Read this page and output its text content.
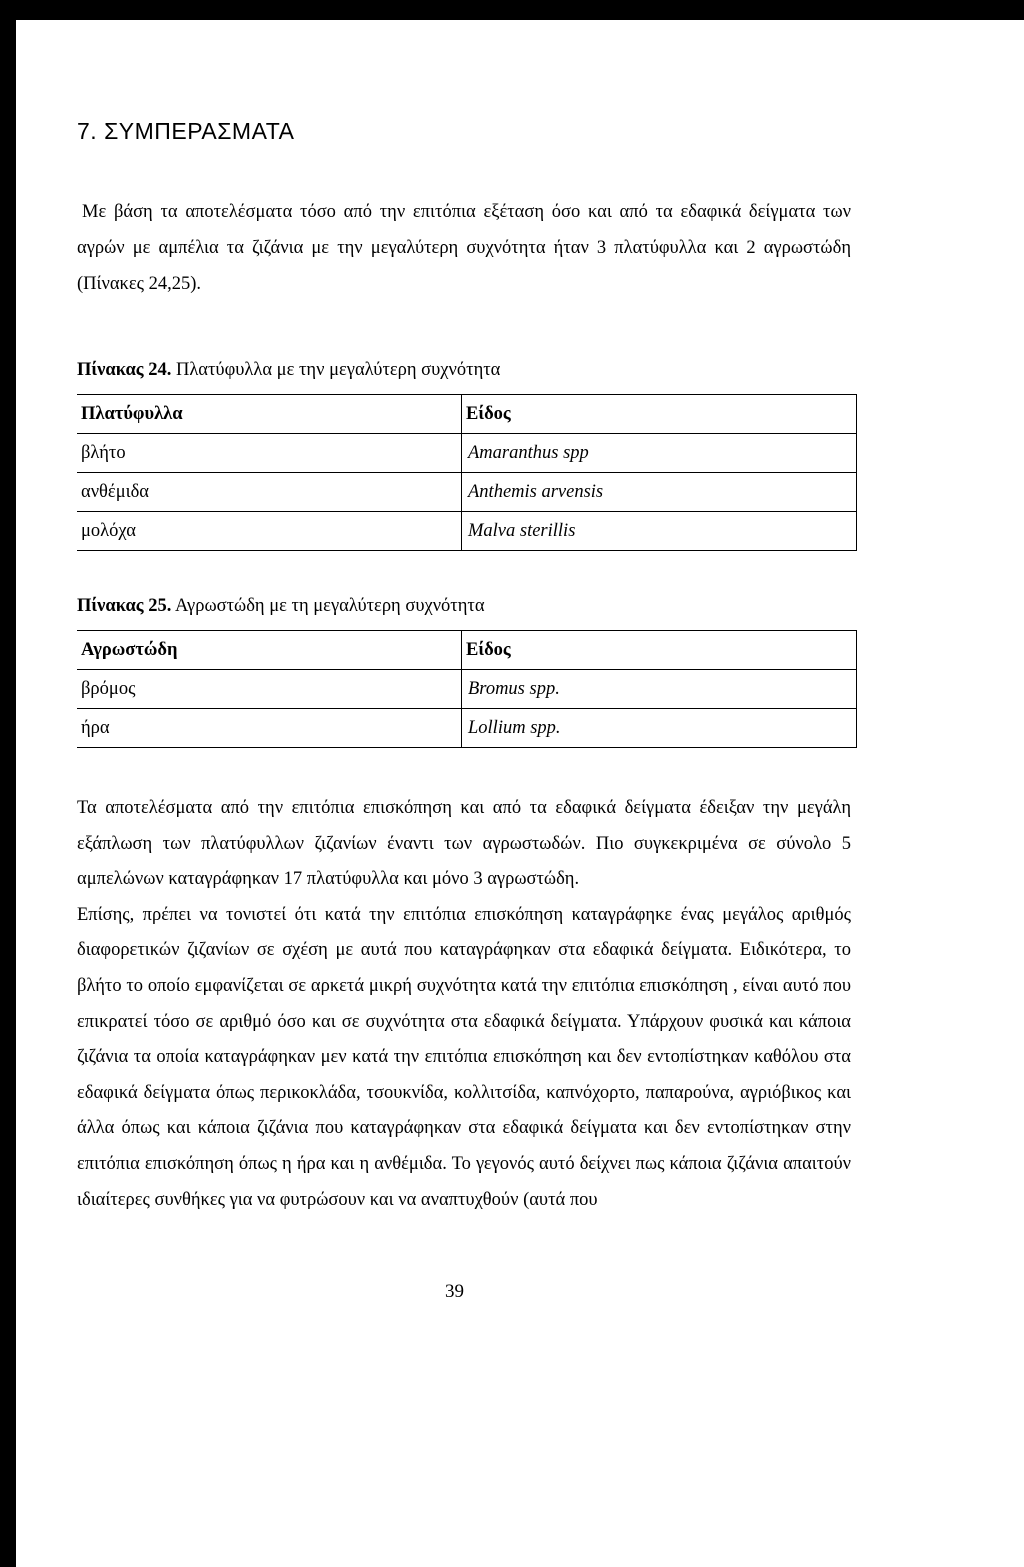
7. ΣΥΜΠΕΡΑΣΜΑΤΑ

Με βάση τα αποτελέσματα τόσο από την επιτόπια εξέταση όσο και από τα εδαφικά δείγματα των αγρών με αμπέλια τα ζιζάνια με την μεγαλύτερη συχνότητα ήταν 3 πλατύφυλλα και 2 αγρωστώδη (Πίνακες 24,25).

Πίνακας 24. Πλατύφυλλα με την μεγαλύτερη συχνότητα

Πλατύφυλλα	Είδος
βλήτο	Amaranthus spp
ανθέμιδα	Anthemis arvensis
μολόχα	Malva sterillis

Πίνακας 25. Αγρωστώδη με τη μεγαλύτερη συχνότητα

Αγρωστώδη	Είδος
βρόμος	Bromus spp.
ήρα	Lollium spp.

Τα αποτελέσματα από την επιτόπια επισκόπηση και από τα εδαφικά δείγματα έδειξαν την μεγάλη εξάπλωση των πλατύφυλλων ζιζανίων έναντι των αγρωστωδών. Πιο συγκεκριμένα σε σύνολο 5 αμπελώνων καταγράφηκαν 17 πλατύφυλλα και μόνο 3 αγρωστώδη.

Επίσης, πρέπει να τονιστεί ότι κατά την επιτόπια επισκόπηση καταγράφηκε ένας μεγάλος αριθμός διαφορετικών ζιζανίων σε σχέση με αυτά που καταγράφηκαν στα εδαφικά δείγματα. Ειδικότερα, το βλήτο το οποίο εμφανίζεται σε αρκετά μικρή συχνότητα κατά την επιτόπια επισκόπηση , είναι αυτό που επικρατεί τόσο σε αριθμό όσο και σε συχνότητα στα εδαφικά δείγματα. Υπάρχουν φυσικά και κάποια ζιζάνια τα οποία καταγράφηκαν μεν κατά την επιτόπια επισκόπηση και δεν εντοπίστηκαν καθόλου στα εδαφικά δείγματα όπως περικοκλάδα, τσουκνίδα, κολλιτσίδα, καπνόχορτο, παπαρούνα, αγριόβικος και άλλα όπως και κάποια ζιζάνια που καταγράφηκαν στα εδαφικά δείγματα και δεν εντοπίστηκαν στην επιτόπια επισκόπηση όπως η ήρα και η ανθέμιδα. Το γεγονός αυτό δείχνει πως κάποια ζιζάνια απαιτούν ιδιαίτερες συνθήκες για να φυτρώσουν και να αναπτυχθούν (αυτά που

39
